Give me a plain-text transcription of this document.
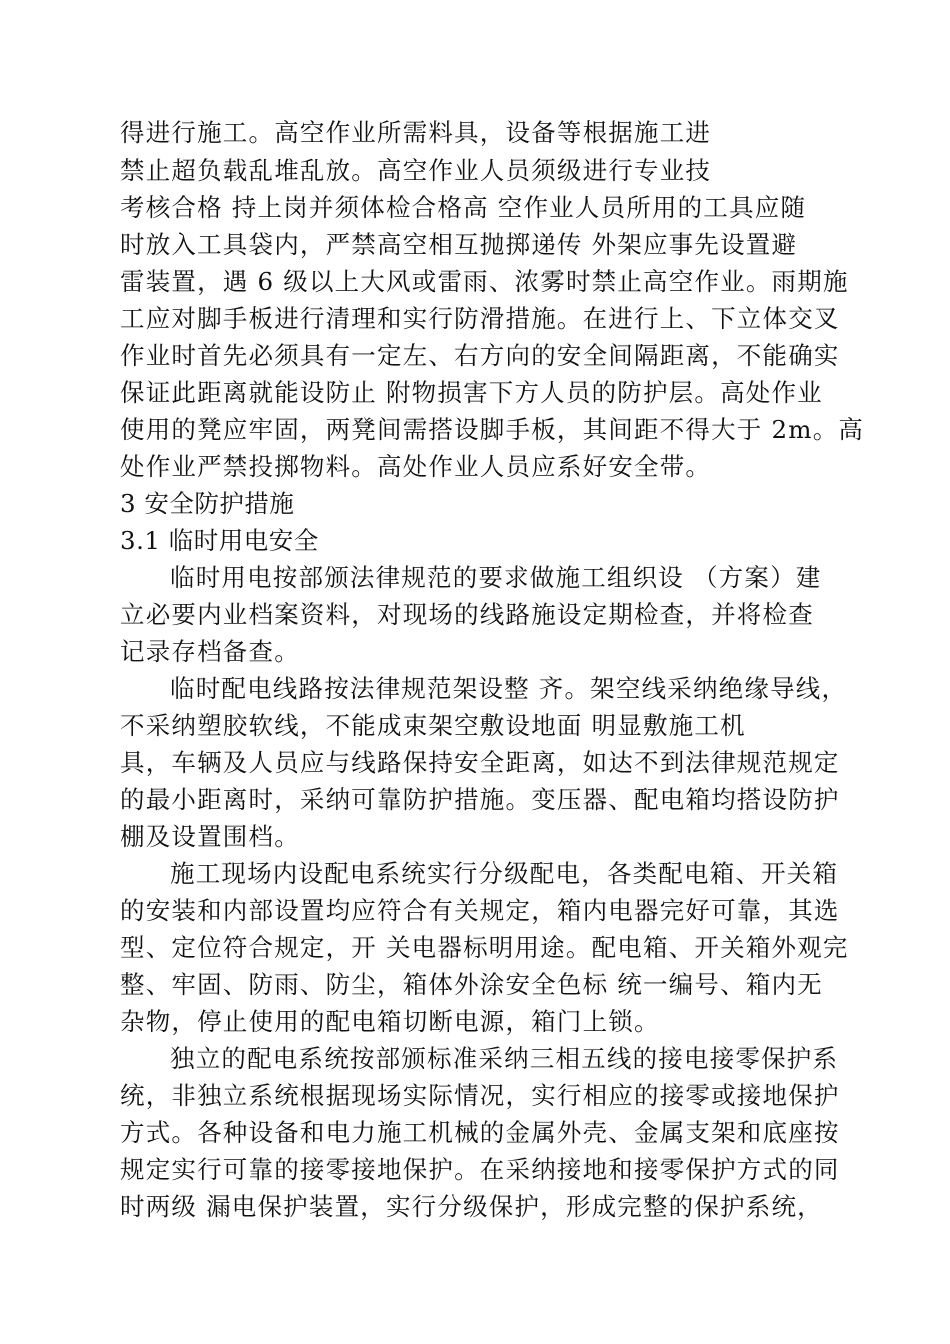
得进行施工。高空作业所需料具，设备等根据施工进
禁止超负载乱堆乱放。高空作业人员须级进行专业技
考核合格 持上岗并须体检合格高 空作业人员所用的工具应随
时放入工具袋内，严禁高空相互抛掷递传 外架应事先设置避
雷装置，遇 6 级以上大风或雷雨、浓雾时禁止高空作业。雨期施
工应对脚手板进行清理和实行防滑措施。在进行上、下立体交叉
作业时首先必须具有一定左、右方向的安全间隔距离，不能确实
保证此距离就能设防止 附物损害下方人员的防护层。高处作业
使用的凳应牢固，两凳间需搭设脚手板，其间距不得大于 2m。高
处作业严禁投掷物料。高处作业人员应系好安全带。
3 安全防护措施
3.1 临时用电安全
临时用电按部颁法律规范的要求做施工组织设 （方案）建
立必要内业档案资料，对现场的线路施设定期检查，并将检查
记录存档备查。
临时配电线路按法律规范架设整 齐。架空线采纳绝缘导线，
不采纳塑胶软线，不能成束架空敷设地面 明显敷施工机
具，车辆及人员应与线路保持安全距离，如达不到法律规范规定
的最小距离时，采纳可靠防护措施。变压器、配电箱均搭设防护
棚及设置围档。
施工现场内设配电系统实行分级配电，各类配电箱、开关箱
的安装和内部设置均应符合有关规定，箱内电器完好可靠，其选
型、定位符合规定，开 关电器标明用途。配电箱、开关箱外观完
整、牢固、防雨、防尘，箱体外涂安全色标 统一编号、箱内无
杂物，停止使用的配电箱切断电源，箱门上锁。
独立的配电系统按部颁标准采纳三相五线的接电接零保护系
统，非独立系统根据现场实际情况，实行相应的接零或接地保护
方式。各种设备和电力施工机械的金属外壳、金属支架和底座按
规定实行可靠的接零接地保护。在采纳接地和接零保护方式的同
时两级 漏电保护装置，实行分级保护，形成完整的保护系统，
